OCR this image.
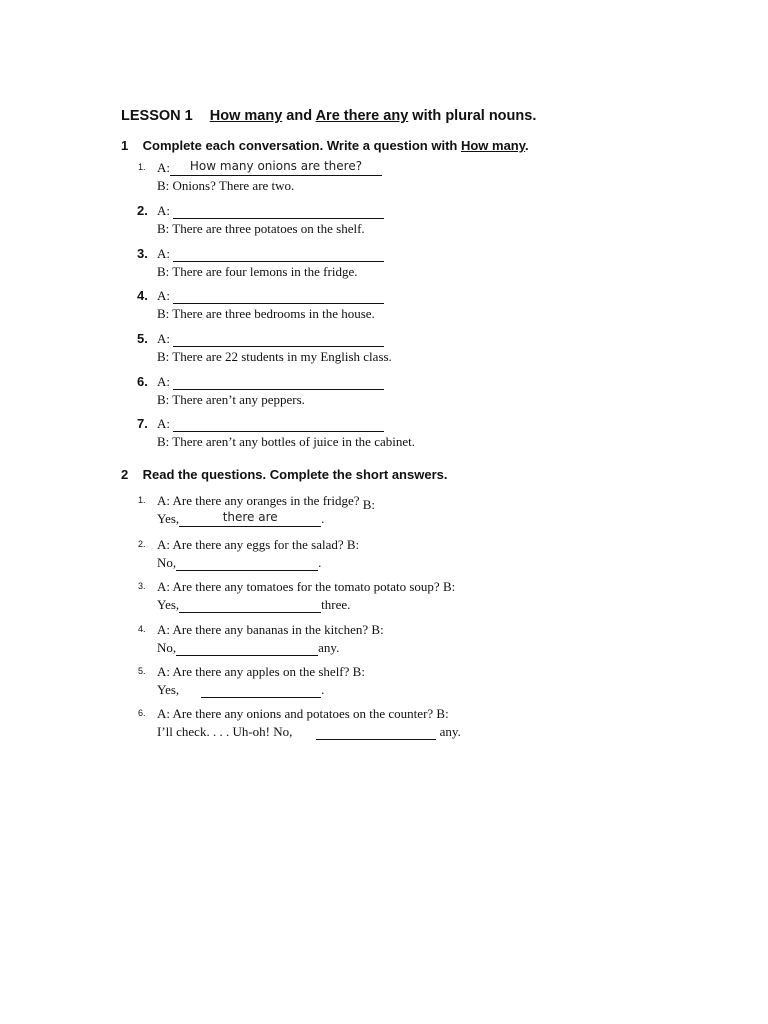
LESSON 1 How many and Are there any with plural nouns.
1 Complete each conversation. Write a question with How many.
1. A:	How many onions are there?
B: Onions? There are two.
2. A:
B: There are three potatoes on the shelf.
3. A:
B: There are four lemons in the fridge.
4. A:
B: There are three bedrooms in the house.
5. A:
B: There are 22 students in my English class.
6. A:
B: There aren’t any peppers.
7. A:
B: There aren’t any bottles of juice in the cabinet.
2 Read the questions. Complete the short answers.
1. A: Are there any oranges in the fridge? B:
Yes,	there are	.
2. A: Are there any eggs for the salad? B:
No,	.
3. A: Are there any tomatoes for the tomato potato soup? B:
Yes,	three.
4. A: Are there any bananas in the kitchen? B:
No,	any.
5. A: Are there any apples on the shelf? B:
Yes,	.
6. A: Are there any onions and potatoes on the counter? B:
I’ll check. . . . Uh-oh! No,	any.
